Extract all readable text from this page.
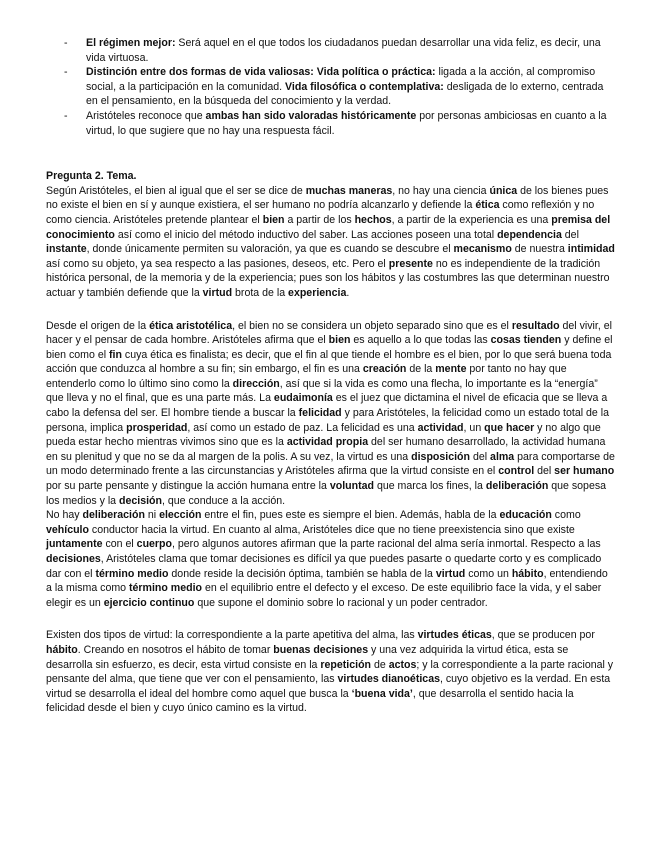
- El régimen mejor: Será aquel en el que todos los ciudadanos puedan desarrollar una vida feliz, es decir, una vida virtuosa.
- Distinción entre dos formas de vida valiosas: Vida política o práctica: ligada a la acción, al compromiso social, a la participación en la comunidad. Vida filosófica o contemplativa: desligada de lo externo, centrada en el pensamiento, en la búsqueda del conocimiento y la verdad.
- Aristóteles reconoce que ambas han sido valoradas históricamente por personas ambiciosas en cuanto a la virtud, lo que sugiere que no hay una respuesta fácil.
Pregunta 2. Tema.

Según Aristóteles, el bien al igual que el ser se dice de muchas maneras, no hay una ciencia única de los bienes pues no existe el bien en sí y aunque existiera, el ser humano no podría alcanzarlo y defiende la ética como reflexión y no como ciencia. Aristóteles pretende plantear el bien a partir de los hechos, a partir de la experiencia es una premisa del conocimiento así como el inicio del método inductivo del saber. Las acciones poseen una total dependencia del instante, donde únicamente permiten su valoración, ya que es cuando se descubre el mecanismo de nuestra intimidad así como su objeto, ya sea respecto a las pasiones, deseos, etc. Pero el presente no es independiente de la tradición histórica personal, de la memoria y de la experiencia; pues son los hábitos y las costumbres las que determinan nuestro actuar y también defiende que la virtud brota de la experiencia.

Desde el origen de la ética aristotélica, el bien no se considera un objeto separado sino que es el resultado del vivir, el hacer y el pensar de cada hombre. Aristóteles afirma que el bien es aquello a lo que todas las cosas tienden y define el bien como el fin cuya ética es finalista; es decir, que el fin al que tiende el hombre es el bien, por lo que será buena toda acción que conduzca al hombre a su fin; sin embargo, el fin es una creación de la mente por tanto no hay que entenderlo como lo último sino como la dirección, así que si la vida es como una flecha, lo importante es la “energía” que lleva y no el final, que es una parte más. La eudaimonía es el juez que dictamina el nivel de eficacia que se lleva a cabo la defensa del ser. El hombre tiende a buscar la felicidad y para Aristóteles, la felicidad como un estado total de la persona, implica prosperidad, así como un estado de paz. La felicidad es una actividad, un que hacer y no algo que pueda estar hecho mientras vivimos sino que es la actividad propia del ser humano desarrollado, la actividad humana en su plenitud y que no se da al margen de la polis. A su vez, la virtud es una disposición del alma para comportarse de un modo determinado frente a las circunstancias y Aristóteles afirma que la virtud consiste en el control del ser humano por su parte pensante y distingue la acción humana entre la voluntad que marca los fines, la deliberación que sopesa los medios y la decisión, que conduce a la acción.

No hay deliberación ni elección entre el fin, pues este es siempre el bien. Además, habla de la educación como vehículo conductor hacia la virtud. En cuanto al alma, Aristóteles dice que no tiene preexistencia sino que existe juntamente con el cuerpo, pero algunos autores afirman que la parte racional del alma sería inmortal. Respecto a las decisiones, Aristóteles clama que tomar decisiones es difícil ya que puedes pasarte o quedarte corto y es complicado dar con el término medio donde reside la decisión óptima, también se habla de la virtud como un hábito, entendiendo a la misma como término medio en el equilibrio entre el defecto y el exceso. De este equilibrio face la vida, y el saber elegir es un ejercicio continuo que supone el dominio sobre lo racional y un poder centrador.

Existen dos tipos de virtud: la correspondiente a la parte apetitiva del alma, las virtudes éticas, que se producen por hábito. Creando en nosotros el hábito de tomar buenas decisiones y una vez adquirida la virtud ética, esta se desarrolla sin esfuerzo, es decir, esta virtud consiste en la repetición de actos; y la correspondiente a la parte racional y pensante del alma, que tiene que ver con el pensamiento, las virtudes dianoéticas, cuyo objetivo es la verdad. En esta virtud se desarrolla el ideal del hombre como aquel que busca la ‘buena vida’, que desarrolla el sentido hacia la felicidad desde el bien y cuyo único camino es la virtud.
